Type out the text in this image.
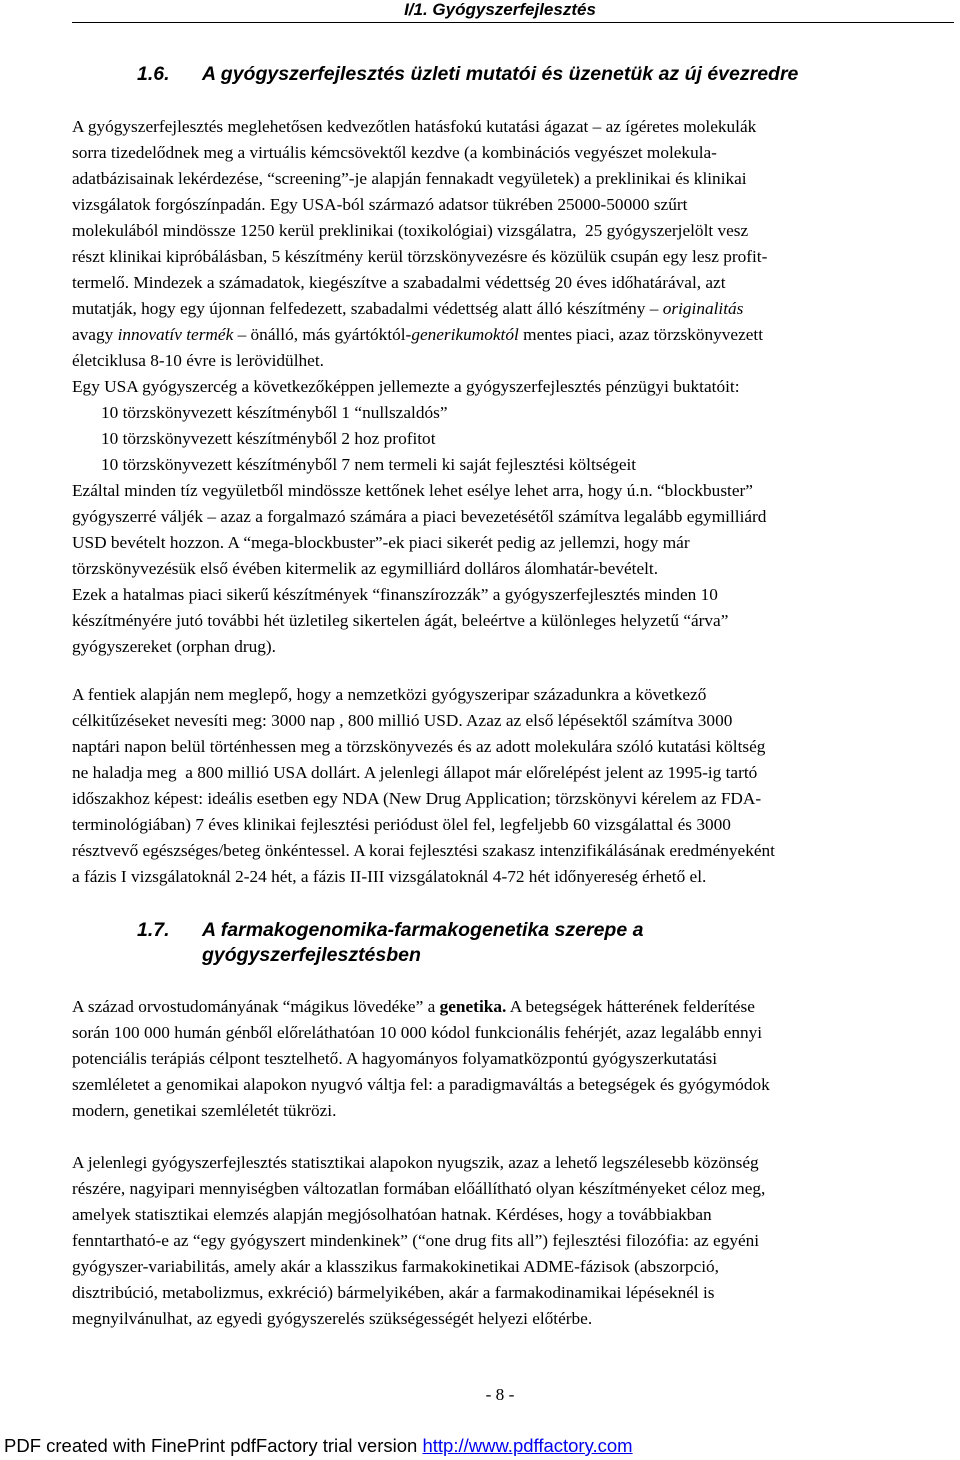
I/1. Gyógyszerfejlesztés
1.6. A gyógyszerfejlesztés üzleti mutatói és üzenetük az új évezredre
A gyógyszerfejlesztés meglehetősen kedvezőtlen hatásfokú kutatási ágazat – az ígéretes molekulák
sorra tizedelődnek meg a virtuális kémcsövektől kezdve (a kombinációs vegyészet molekula-
adatbázisainak lekérdezése, “screening”-je alapján fennakadt vegyületek) a preklinikai és klinikai
vizsgálatok forgószínpadán. Egy USA-ból származó adatsor tükrében 25000-50000 szűrt
molekulából mindössze 1250 kerül preklinikai (toxikológiai) vizsgálatra,  25 gyógyszerjelölt vesz
részt klinikai kipróbálásban, 5 készítmény kerül törzskönyvezésre és közülük csupán egy lesz profit-
termelő. Mindezek a számadatok, kiegészítve a szabadalmi védettség 20 éves időhatárával, azt
mutatják, hogy egy újonnan felfedezett, szabadalmi védettség alatt álló készítmény – originalitás
avagy innovatív termék – önálló, más gyártóktól-generikumoktól mentes piaci, azaz törzskönyvezett
életciklusa 8-10 évre is lerövidülhet.
Egy USA gyógyszercég a következőképpen jellemezte a gyógyszerfejlesztés pénzügyi buktatóit:
10 törzskönyvezett készítményből 1 “nullszaldós”
10 törzskönyvezett készítményből 2 hoz profitot
10 törzskönyvezett készítményből 7 nem termeli ki saját fejlesztési költségeit
Ezáltal minden tíz vegyületből mindössze kettőnek lehet esélye lehet arra, hogy ú.n. “blockbuster”
gyógyszerré váljék – azaz a forgalmazó számára a piaci bevezetésétől számítva legalább egymilliárd
USD bevételt hozzon. A “mega-blockbuster”-ek piaci sikerét pedig az jellemzi, hogy már
törzskönyvezésük első évében kitermelik az egymilliárd dolláros álomhatár-bevételt.
Ezek a hatalmas piaci sikerű készítmények “finanszírozzák” a gyógyszerfejlesztés minden 10
készítményére jutó további hét üzletileg sikertelen ágát, beleértve a különleges helyzetű “árva”
gyógyszereket (orphan drug).
A fentiek alapján nem meglepő, hogy a nemzetközi gyógyszeripar századunkra a következő
célkitűzéseket nevesíti meg: 3000 nap , 800 millió USD. Azaz az első lépésektől számítva 3000
naptári napon belül történhessen meg a törzskönyvezés és az adott molekulára szóló kutatási költség
ne haladja meg  a 800 millió USA dollárt. A jelenlegi állapot már előrelépést jelent az 1995-ig tartó
időszakhoz képest: ideális esetben egy NDA (New Drug Application; törzskönyvi kérelem az FDA-
terminológiában) 7 éves klinikai fejlesztési periódust ölel fel, legfeljebb 60 vizsgálattal és 3000
résztvevő egészséges/beteg önkéntessel. A korai fejlesztési szakasz intenzifikálásának eredményeként
a fázis I vizsgálatoknál 2-24 hét, a fázis II-III vizsgálatoknál 4-72 hét időnyereség érhető el.
1.7. A farmakogenomika-farmakogenetika szerepe a gyógyszerfejlesztésben
A század orvostudományának “mágikus lövedéke” a genetika. A betegségek hátterének felderítése
során 100 000 humán génből előreláthatóan 10 000 kódol funkcionális fehérjét, azaz legalább ennyi
potenciális terápiás célpont tesztelhető. A hagyományos folyamatközpontú gyógyszerkutatási
szemléletet a genomikai alapokon nyugvó váltja fel: a paradigmaváltás a betegségek és gyógymódok
modern, genetikai szemléletét tükrözi.
A jelenlegi gyógyszerfejlesztés statisztikai alapokon nyugszik, azaz a lehető legszélesebb közönség
részére, nagyipari mennyiségben változatlan formában előállítható olyan készítményeket céloz meg,
amelyek statisztikai elemzés alapján megjósolhatóan hatnak. Kérdéses, hogy a továbbiakban
fenntartható-e az “egy gyógyszert mindenkinek” (“one drug fits all”) fejlesztési filozófia: az egyéni
gyógyszer-variabilitás, amely akár a klasszikus farmakokinetikai ADME-fázisok (abszorpció,
disztribúció, metabolizmus, exkréció) bármelyikében, akár a farmakodinamikai lépéseknél is
megnyilvánulhat, az egyedi gyógyszerelés szükségességét helyezi előtérbe.
- 8 -
PDF created with FinePrint pdfFactory trial version http://www.pdffactory.com
